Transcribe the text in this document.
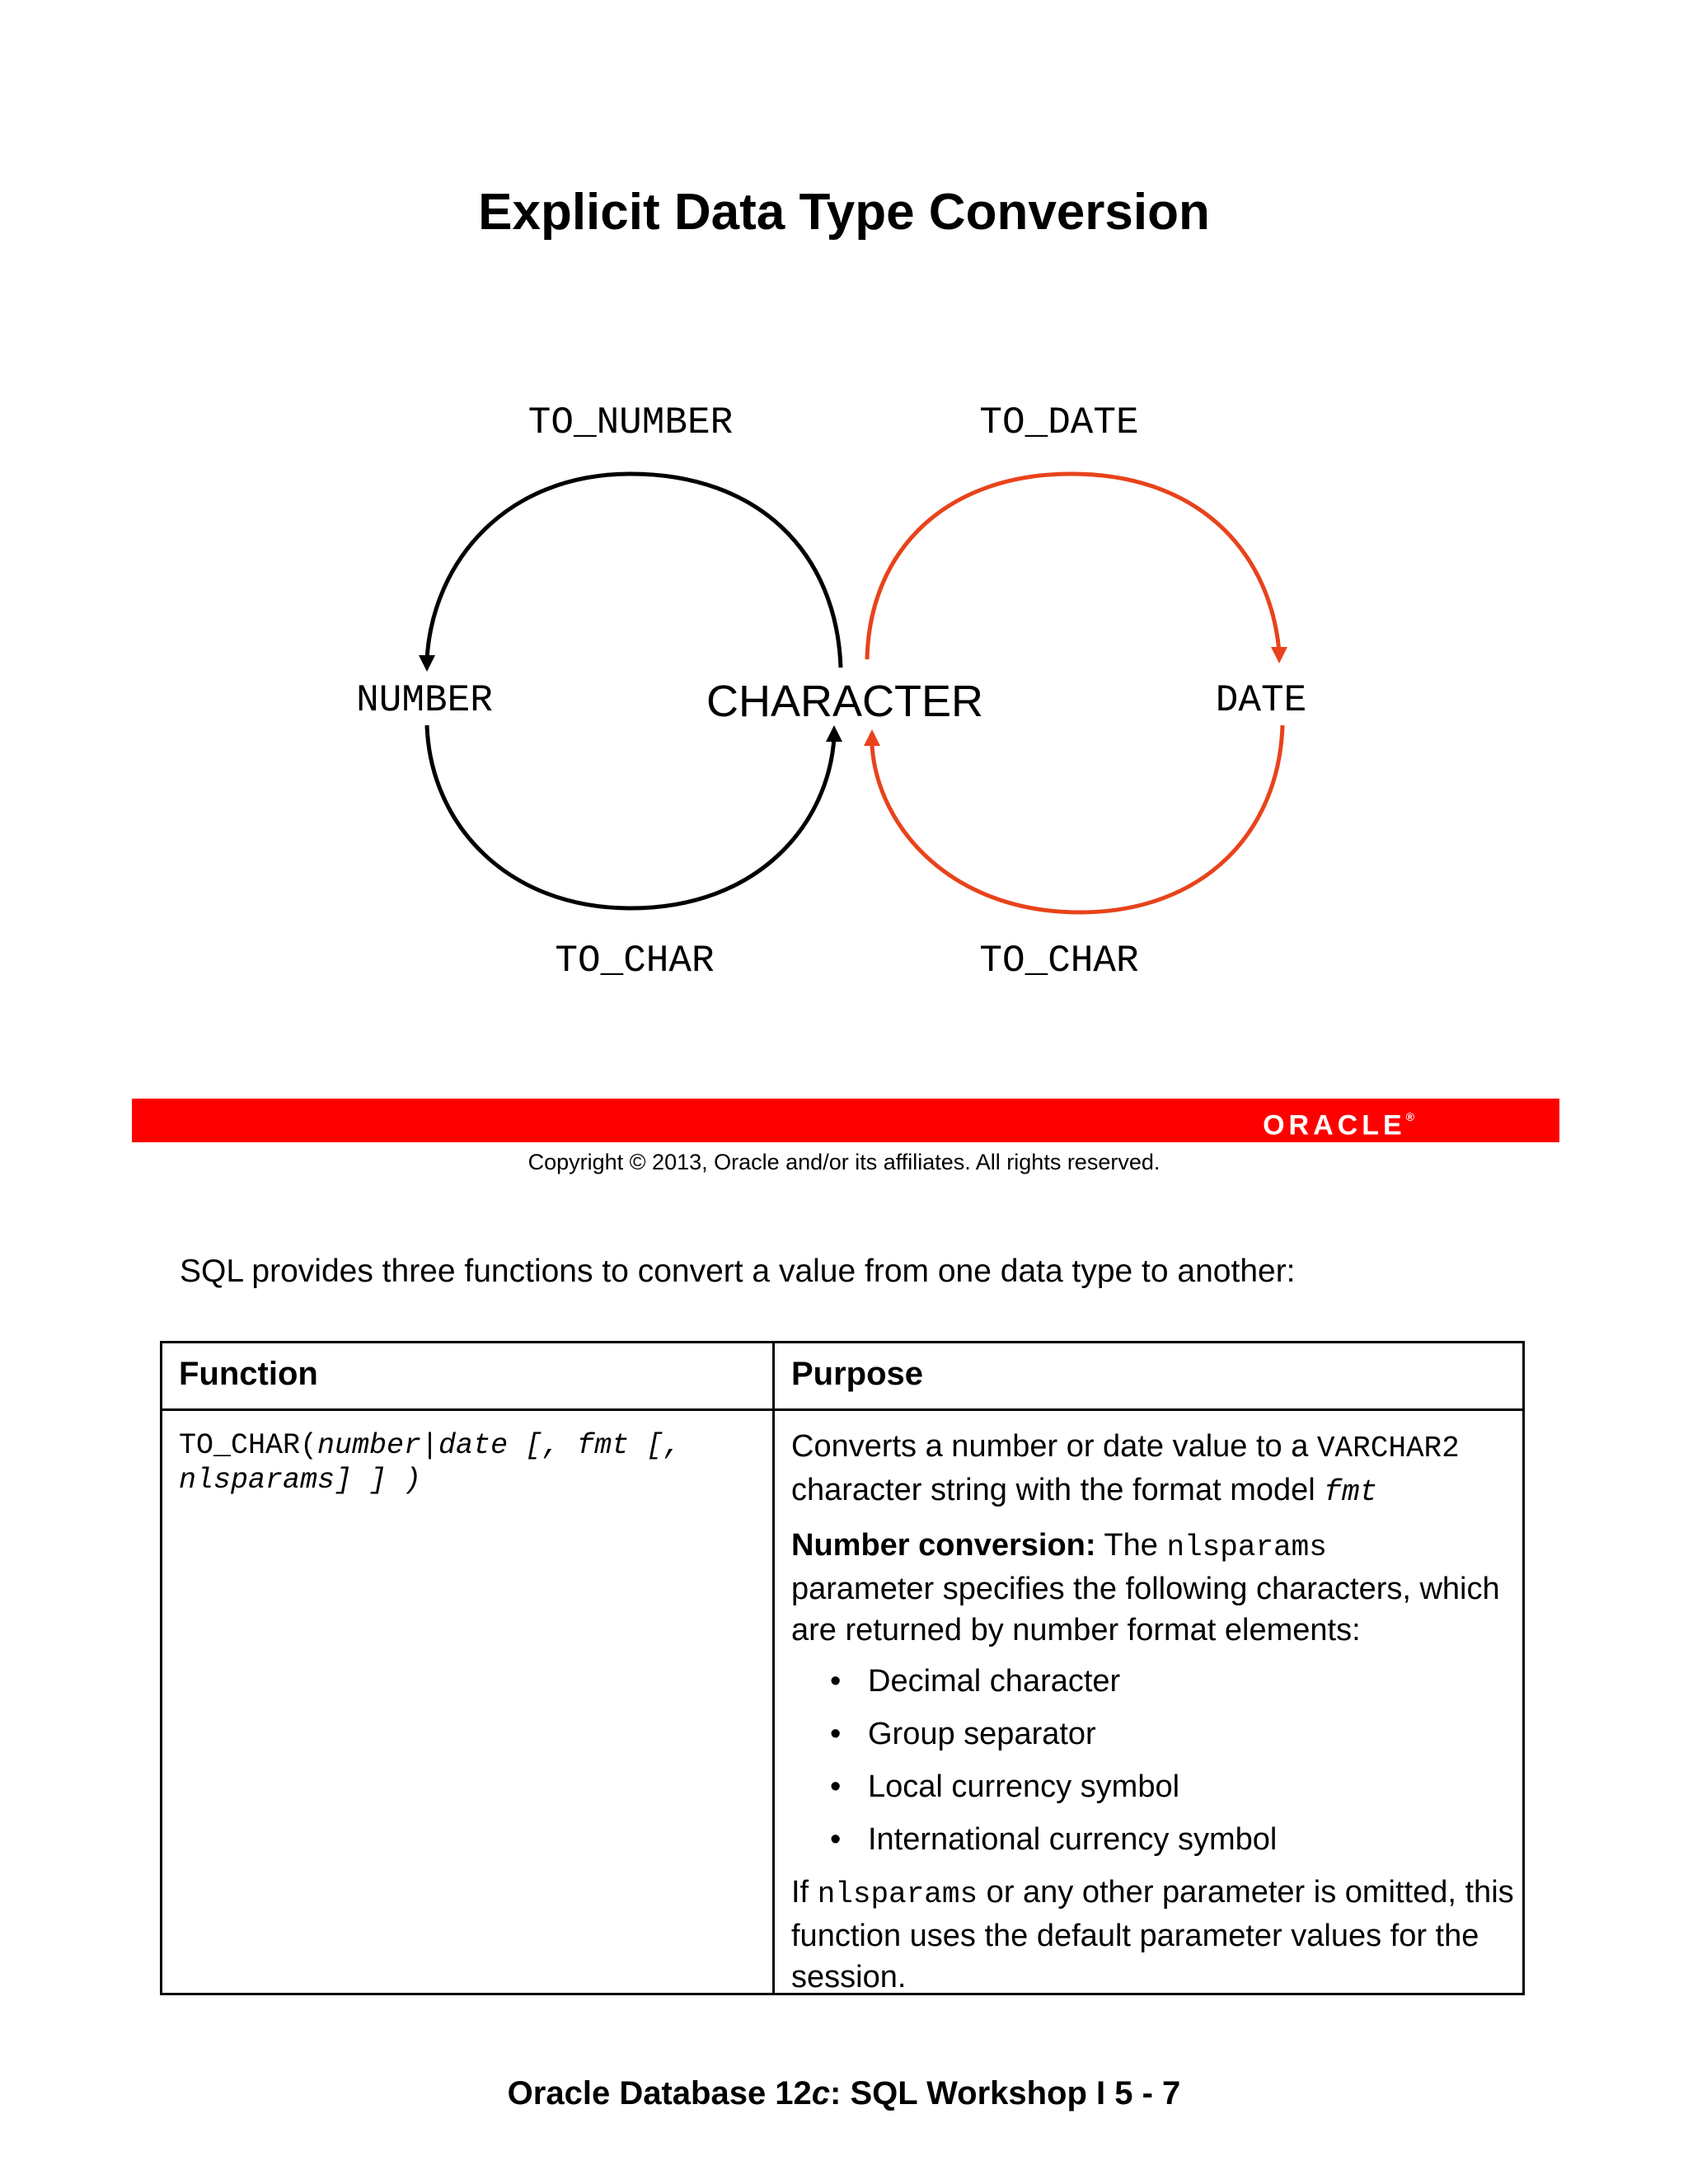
Explicit Data Type Conversion
TO_NUMBER	TO_DATE
NUMBER	CHARACTER	DATE
TO_CHAR	TO_CHAR
ORACLE®
Copyright © 2013, Oracle and/or its affiliates. All rights reserved.
SQL provides three functions to convert a value from one data type to another:
Function	Purpose
TO_CHAR(number|date [, fmt [, nlsparams] ] )

Converts a number or date value to a VARCHAR2
character string with the format model fmt

Number conversion: The nlsparams
parameter specifies the following characters, which are returned by number format elements:

• Decimal character
• Group separator
• Local currency symbol
• International currency symbol

If nlsparams or any other parameter is omitted, this function uses the default parameter values for the session.

Oracle Database 12c: SQL Workshop I 5 - 7
